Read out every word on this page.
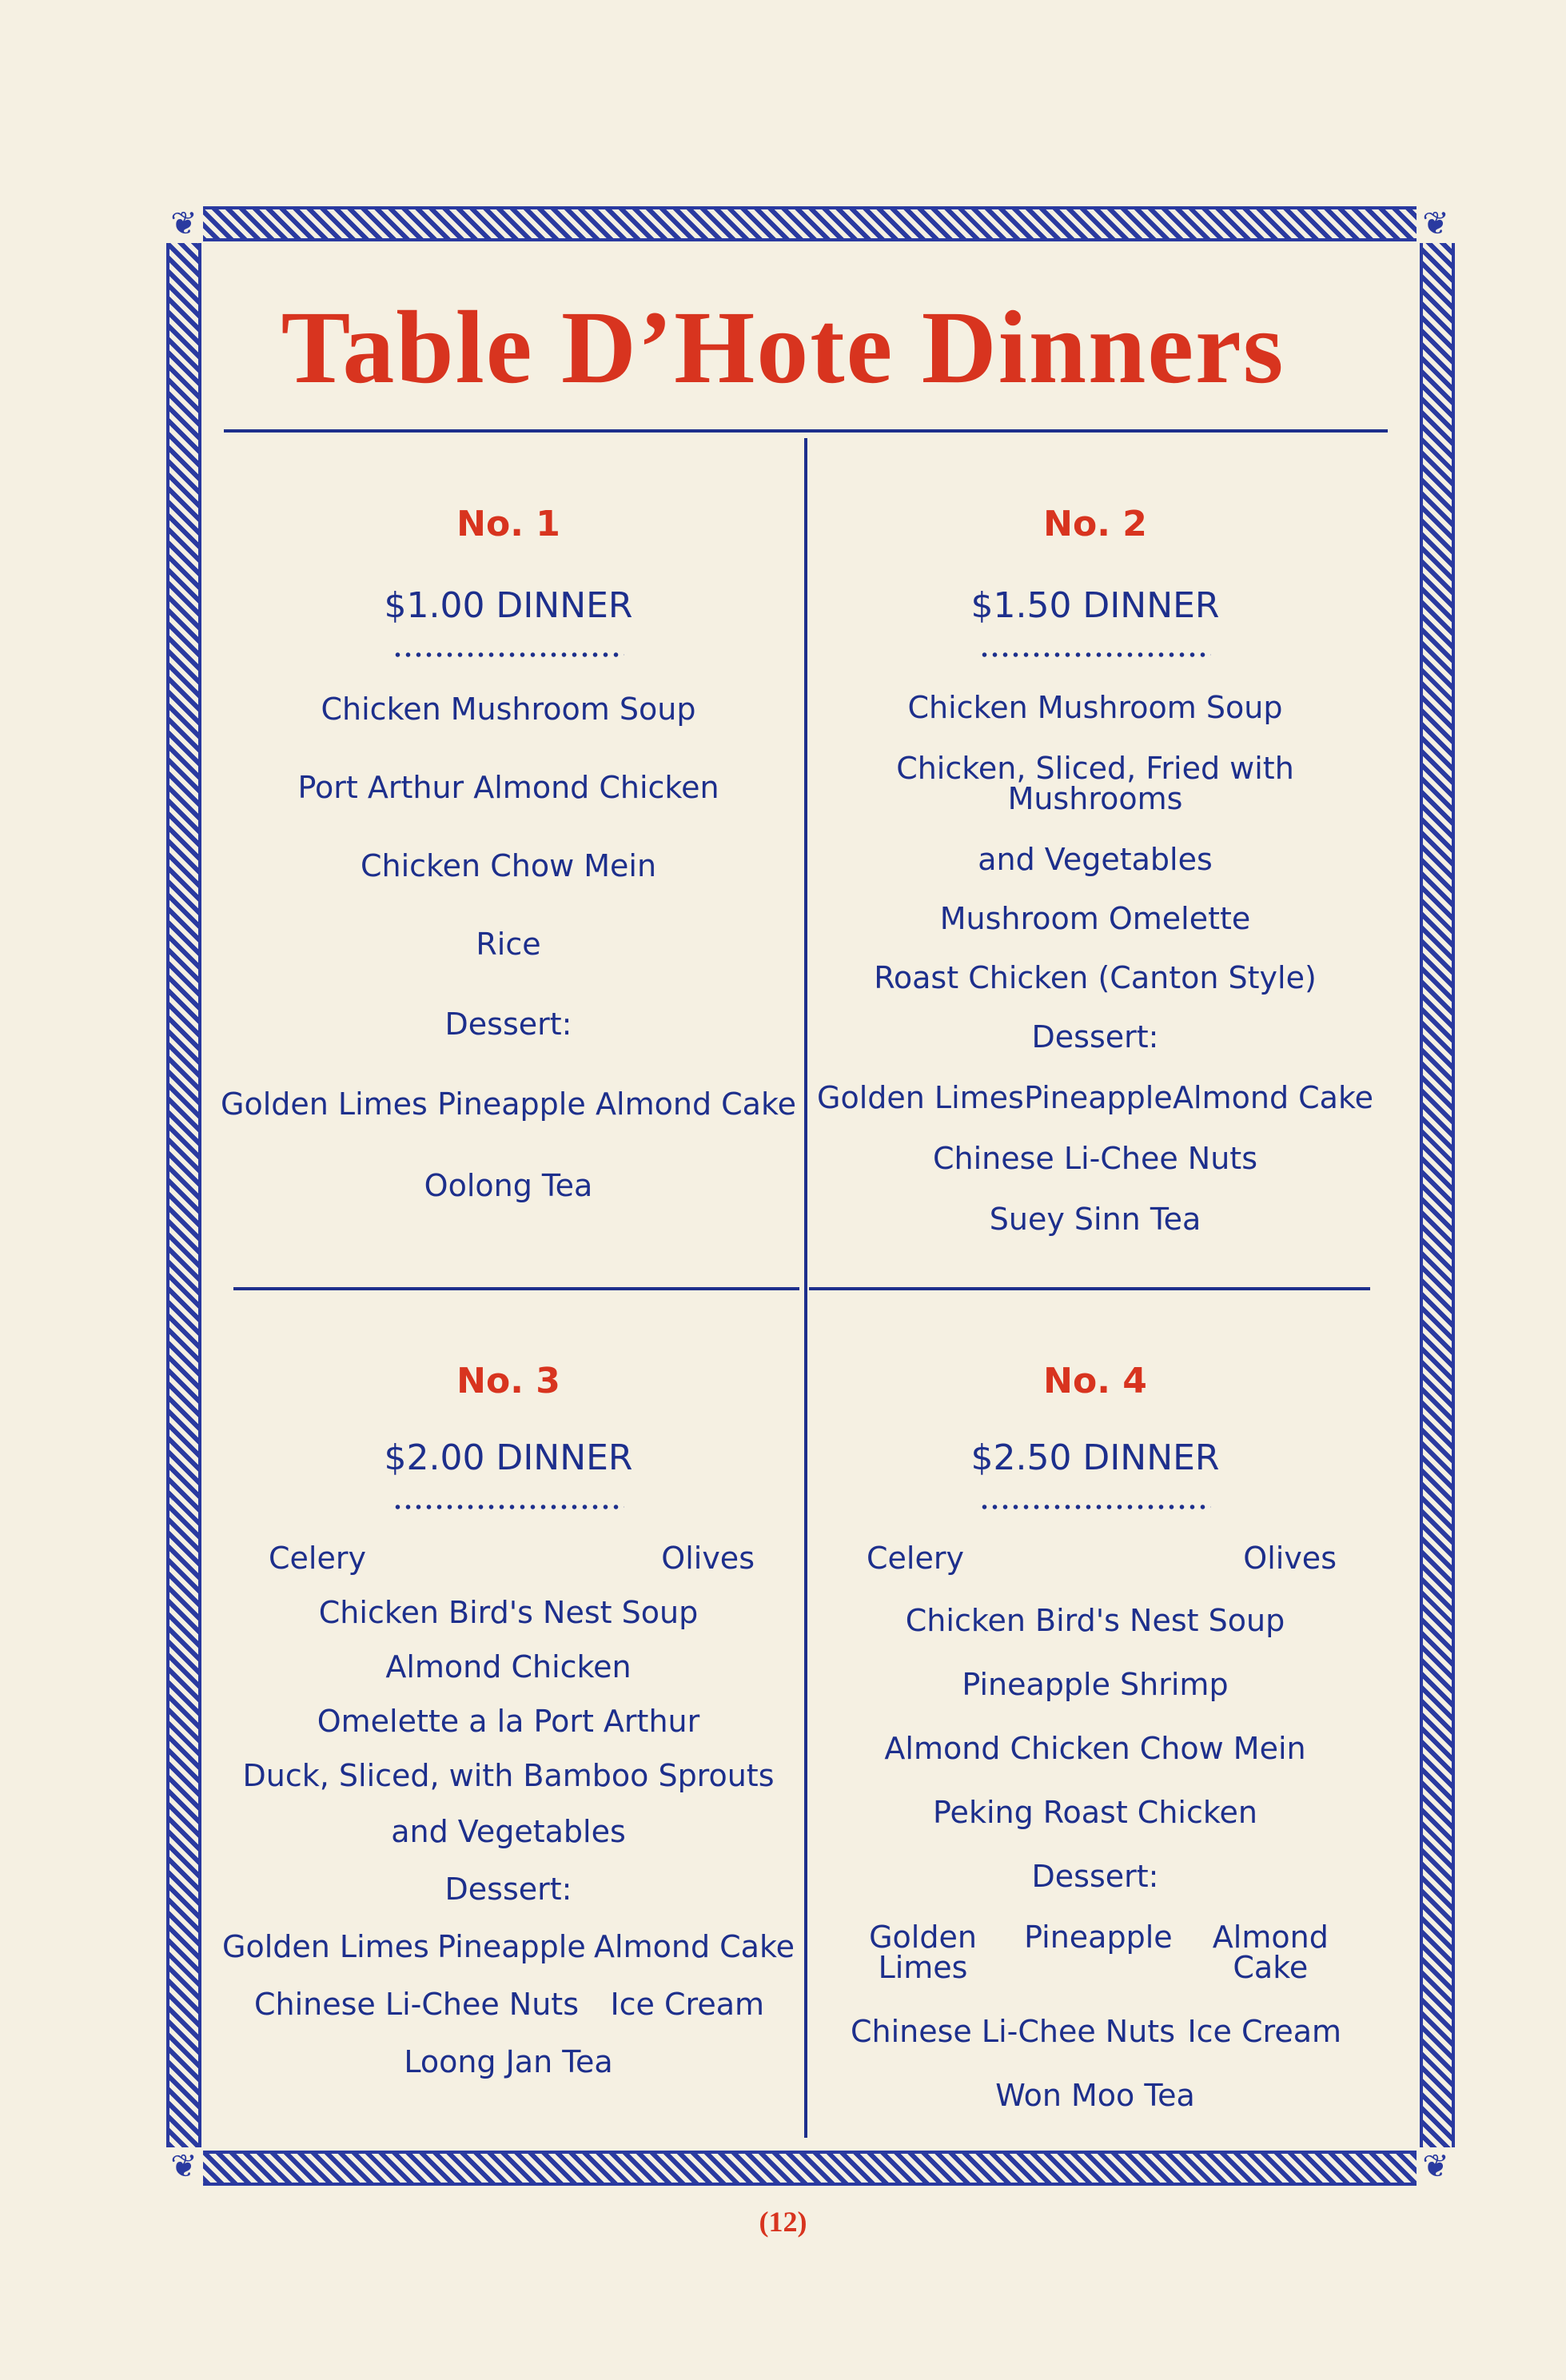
❦	❦
❦	❦
Table D’Hote Dinners
No. 1
$1.00 DINNER
Chicken Mushroom Soup
Port Arthur Almond Chicken
Chicken Chow Mein
Rice
Dessert:
Golden Limes Pineapple Almond Cake
Oolong Tea
No. 2
$1.50 DINNER
Chicken Mushroom Soup
Chicken, Sliced, Fried with Mushrooms
and Vegetables
Mushroom Omelette
Roast Chicken (Canton Style)
Dessert:
Golden Limes Pineapple Almond Cake
Chinese Li-Chee Nuts
Suey Sinn Tea
No. 3
$2.00 DINNER
Celery	Olives
Chicken Bird's Nest Soup
Almond Chicken
Omelette a la Port Arthur
Duck, Sliced, with Bamboo Sprouts
and Vegetables
Dessert:
Golden Limes Pineapple Almond Cake
Chinese Li-Chee Nuts Ice Cream
Loong Jan Tea
No. 4
$2.50 DINNER
Celery	Olives
Chicken Bird's Nest Soup
Pineapple Shrimp
Almond Chicken Chow Mein
Peking Roast Chicken
Dessert:
Golden Limes
Pineapple	Almond Cake
Chinese Li-Chee Nuts Ice Cream
Won Moo Tea
(12)
